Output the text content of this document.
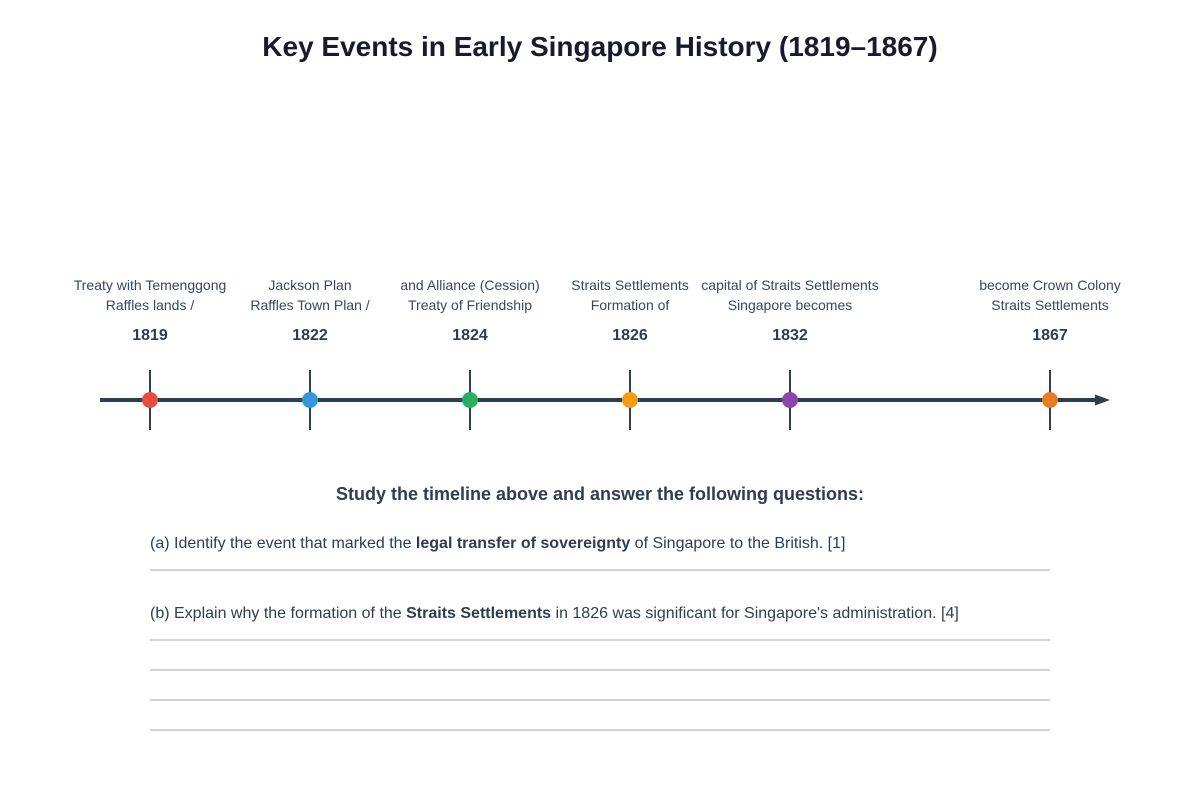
Key Events in Early Singapore History (1819–1867)
1819
Raffles lands /
Treaty with Temenggong
1822
Raffles Town Plan /
Jackson Plan
1824
Treaty of Friendship
and Alliance (Cession)
1826
Formation of
Straits Settlements
1832
Singapore becomes
capital of Straits Settlements
1867
Straits Settlements
become Crown Colony
Study the timeline above and answer the following questions:
(a) Identify the event that marked the legal transfer of sovereignty of Singapore to the British. [1]
(b) Explain why the formation of the Straits Settlements in 1826 was significant for Singapore's administration. [4]
